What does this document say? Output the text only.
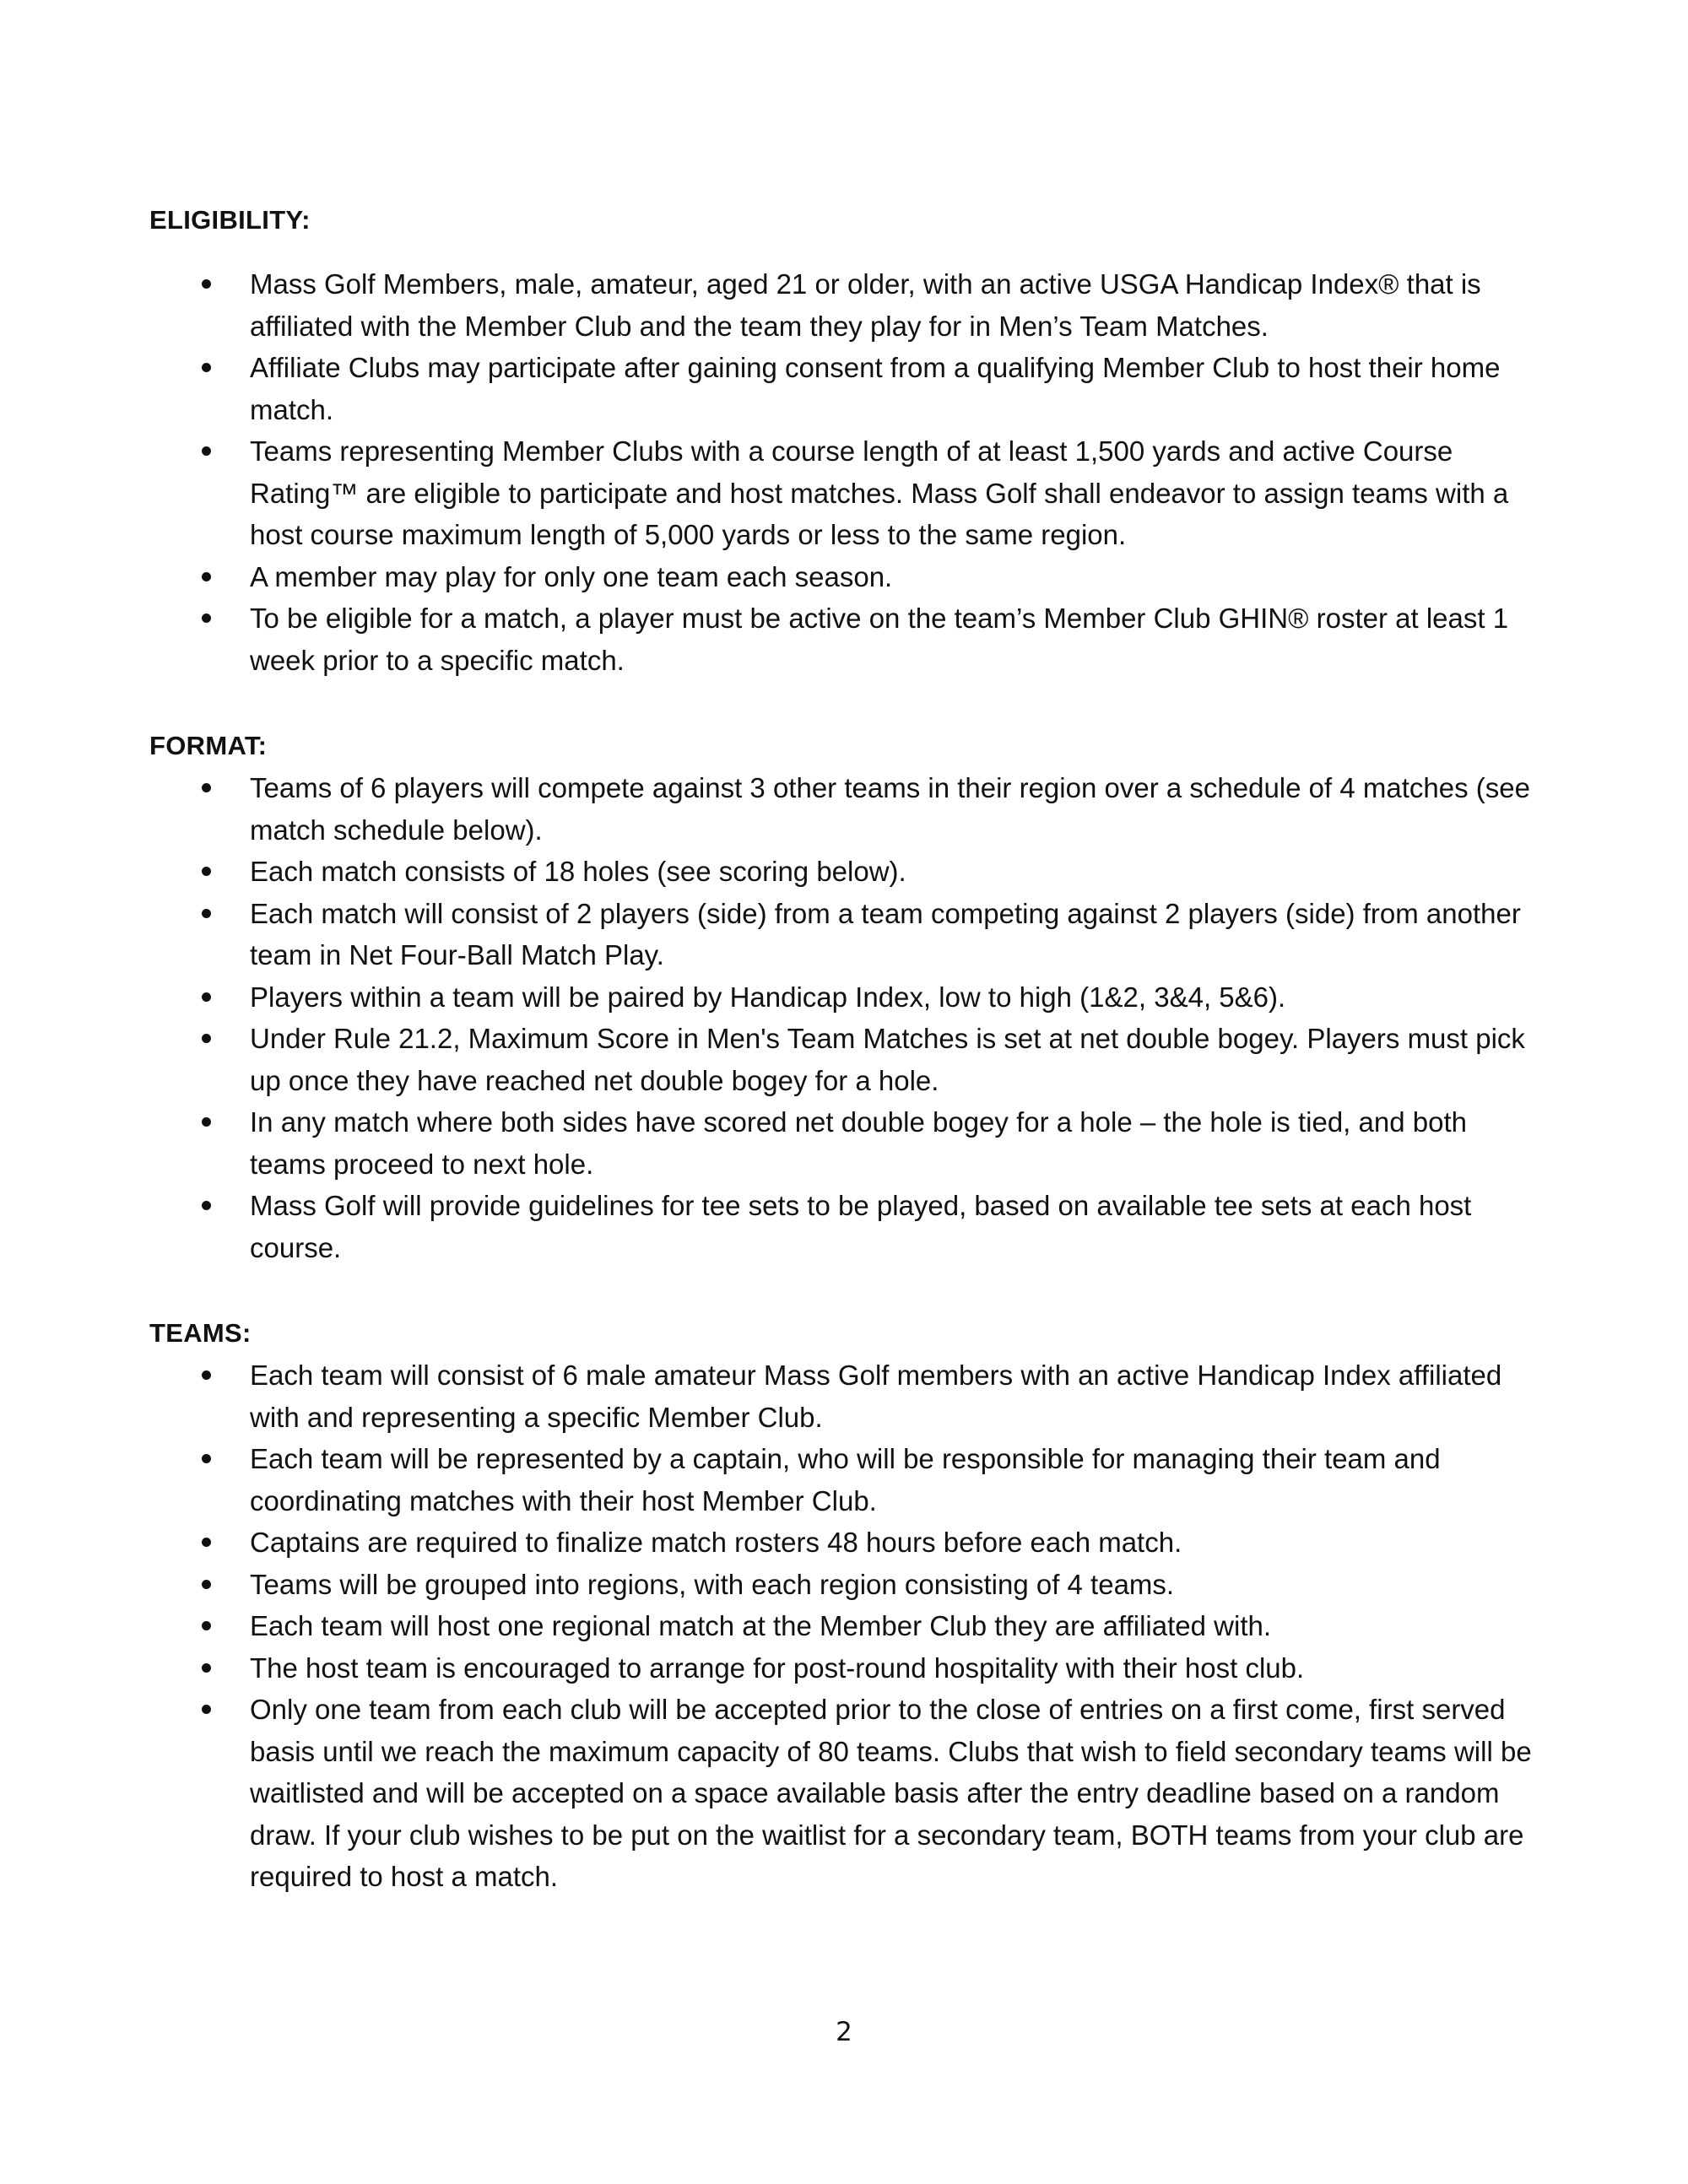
ELIGIBILITY:
Mass Golf Members, male, amateur, aged 21 or older, with an active USGA Handicap Index® that is affiliated with the Member Club and the team they play for in Men’s Team Matches.
Affiliate Clubs may participate after gaining consent from a qualifying Member Club to host their home match.
Teams representing Member Clubs with a course length of at least 1,500 yards and active Course Rating™ are eligible to participate and host matches. Mass Golf shall endeavor to assign teams with a host course maximum length of 5,000 yards or less to the same region.
A member may play for only one team each season.
To be eligible for a match, a player must be active on the team’s Member Club GHIN® roster at least 1 week prior to a specific match.
FORMAT:
Teams of 6 players will compete against 3 other teams in their region over a schedule of 4 matches (see match schedule below).
Each match consists of 18 holes (see scoring below).
Each match will consist of 2 players (side) from a team competing against 2 players (side) from another team in Net Four-Ball Match Play.
Players within a team will be paired by Handicap Index, low to high (1&2, 3&4, 5&6).
Under Rule 21.2, Maximum Score in Men's Team Matches is set at net double bogey. Players must pick up once they have reached net double bogey for a hole.
In any match where both sides have scored net double bogey for a hole – the hole is tied, and both teams proceed to next hole.
Mass Golf will provide guidelines for tee sets to be played, based on available tee sets at each host course.
TEAMS:
Each team will consist of 6 male amateur Mass Golf members with an active Handicap Index affiliated with and representing a specific Member Club.
Each team will be represented by a captain, who will be responsible for managing their team and coordinating matches with their host Member Club.
Captains are required to finalize match rosters 48 hours before each match.
Teams will be grouped into regions, with each region consisting of 4 teams.
Each team will host one regional match at the Member Club they are affiliated with.
The host team is encouraged to arrange for post-round hospitality with their host club.
Only one team from each club will be accepted prior to the close of entries on a first come, first served basis until we reach the maximum capacity of 80 teams. Clubs that wish to field secondary teams will be waitlisted and will be accepted on a space available basis after the entry deadline based on a random draw. If your club wishes to be put on the waitlist for a secondary team, BOTH teams from your club are required to host a match.
2
